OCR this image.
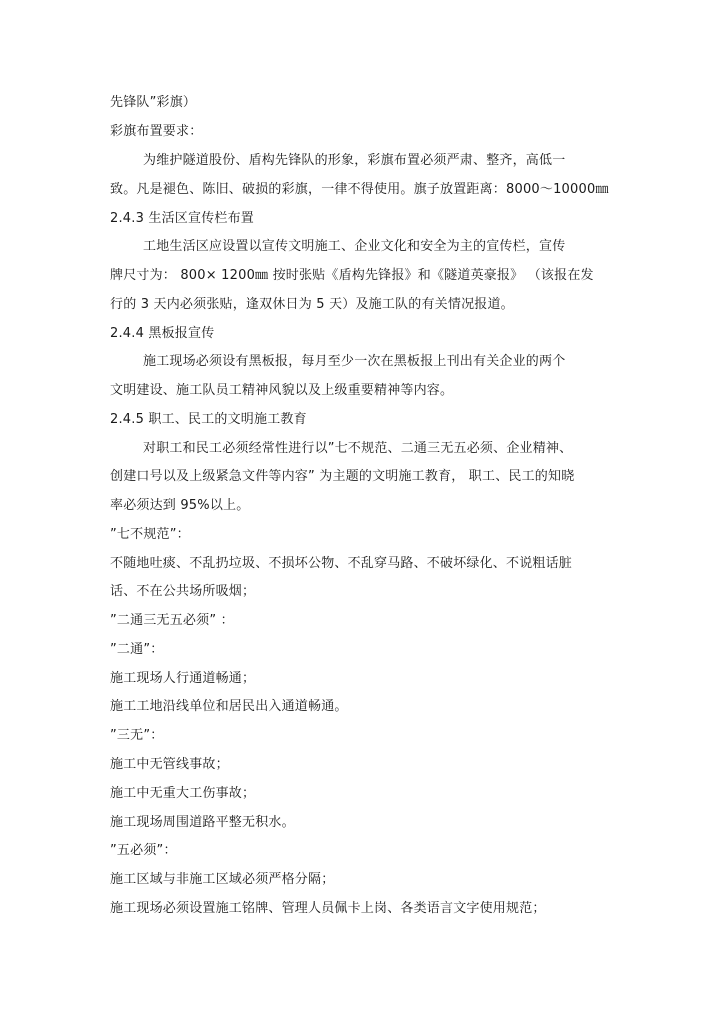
先锋队”彩旗）
彩旗布置要求：
为维护隧道股份、盾构先锋队的形象，彩旗布置必须严肃、整齐，高低一
致。凡是褪色、陈旧、破损的彩旗，一律不得使用。旗子放置距离：8000～10000㎜
2.4.3 生活区宣传栏布置
工地生活区应设置以宣传文明施工、企业文化和安全为主的宣传栏，宣传
牌尺寸为： 800× 1200㎜ 按时张贴《盾构先锋报》和《隧道英豪报》 （该报在发
行的 3 天内必须张贴，逢双休日为 5 天）及施工队的有关情况报道。
2.4.4 黑板报宣传
施工现场必须设有黑板报，每月至少一次在黑板报上刊出有关企业的两个
文明建设、施工队员工精神风貌以及上级重要精神等内容。
2.4.5 职工、民工的文明施工教育
对职工和民工必须经常性进行以”七不规范、二通三无五必须、企业精神、
创建口号以及上级紧急文件等内容” 为主题的文明施工教育， 职工、民工的知晓
率必须达到 95%以上。
”七不规范”：
不随地吐痰、不乱扔垃圾、不损坏公物、不乱穿马路、不破坏绿化、不说粗话脏
话、不在公共场所吸烟；
”二通三无五必须” ：
”二通”：
施工现场人行通道畅通；
施工工地沿线单位和居民出入通道畅通。
”三无”：
施工中无管线事故；
施工中无重大工伤事故；
施工现场周围道路平整无积水。
”五必须”：
施工区域与非施工区域必须严格分隔；
施工现场必须设置施工铭牌、管理人员佩卡上岗、各类语言文字使用规范；
